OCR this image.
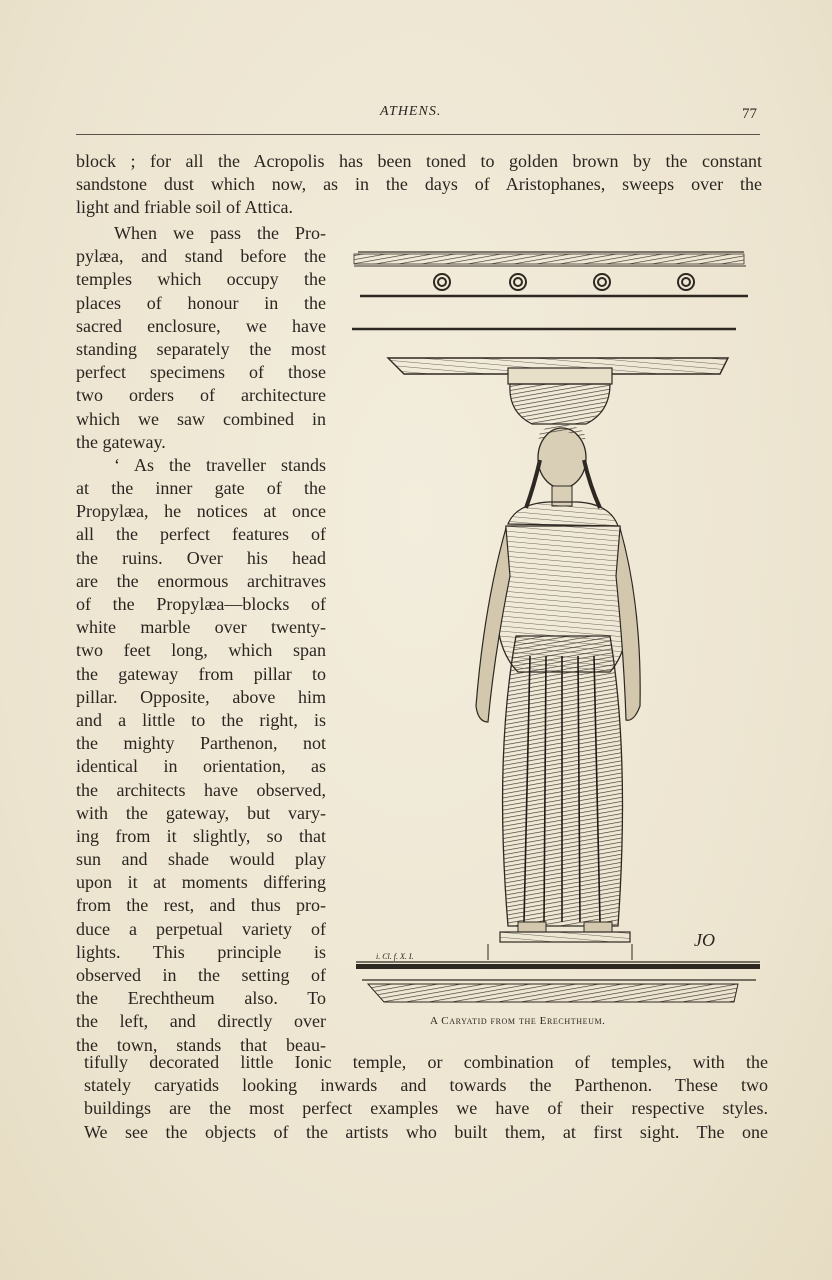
ATHENS.	77
block ; for all the Acropolis has been toned to golden brown by the constant
sandstone dust which now, as in the days of Aristophanes, sweeps over the
light and friable soil of Attica.
When we pass the Pro-
pylæa, and stand before the
temples which occupy the
places of honour in the
sacred enclosure, we have
standing separately the most
perfect specimens of those
two orders of architecture
which we saw combined in
the gateway.
‘ As the traveller stands
at the inner gate of the
Propylæa, he notices at once
all the perfect features of
the ruins. Over his head
are the enormous architraves
of the Propylæa—blocks of
white marble over twenty-
two feet long, which span
the gateway from pillar to
pillar. Opposite, above him
and a little to the right, is
the mighty Parthenon, not
identical in orientation, as
the architects have observed,
with the gateway, but vary-
ing from it slightly, so that
sun and shade would play
upon it at moments differing
from the rest, and thus pro-
duce a perpetual variety of
lights. This principle is
observed in the setting of
the Erechtheum also. To
the left, and directly over
the town, stands that beau-
i. Cl. f. X. I.
JO
A Caryatid from the Erechtheum.
tifully decorated little Ionic temple, or combination of temples, with the
stately caryatids looking inwards and towards the Parthenon. These two
buildings are the most perfect examples we have of their respective styles.
We see the objects of the artists who built them, at first sight. The one
